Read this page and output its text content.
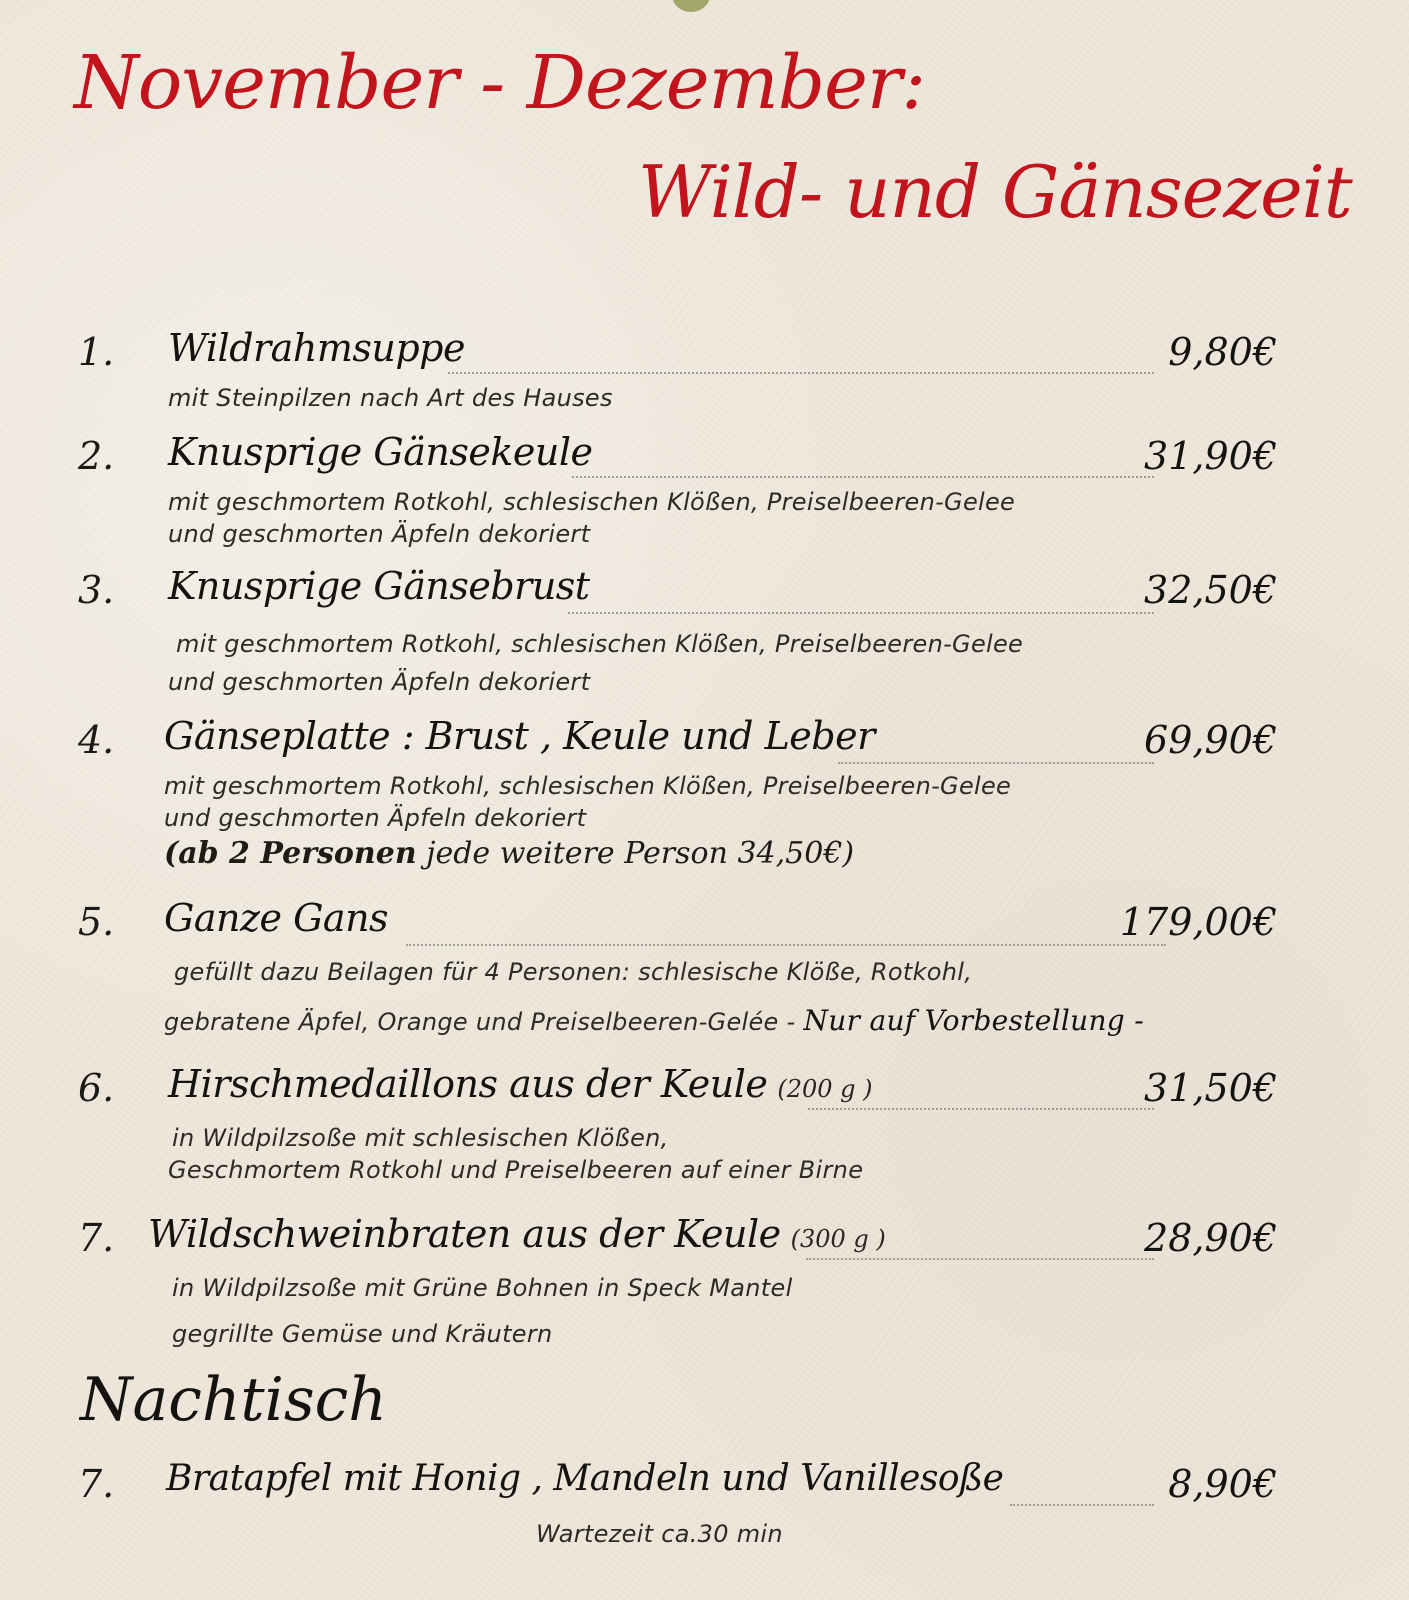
November - Dezember:
Wild- und Gänsezeit
1. Wildrahmsuppe	9,80€
mit Steinpilzen nach Art des Hauses
2. Knusprige Gänsekeule	31,90€
mit geschmortem Rotkohl, schlesischen Klößen, Preiselbeeren-Gelee
und geschmorten Äpfeln dekoriert
3. Knusprige Gänsebrust	32,50€
mit geschmortem Rotkohl, schlesischen Klößen, Preiselbeeren-Gelee
und geschmorten Äpfeln dekoriert
4. Gänseplatte : Brust , Keule und Leber	69,90€
mit geschmortem Rotkohl, schlesischen Klößen, Preiselbeeren-Gelee
und geschmorten Äpfeln dekoriert
(ab 2 Personen jede weitere Person 34,50€)
5. Ganze Gans	179,00€
gefüllt dazu Beilagen für 4 Personen: schlesische Klöße, Rotkohl,
gebratene Äpfel, Orange und Preiselbeeren-Gelée - Nur auf Vorbestellung -
6. Hirschmedaillons aus der Keule (200 g )	31,50€
in Wildpilzsoße mit schlesischen Klößen,
Geschmortem Rotkohl und Preiselbeeren auf einer Birne
7. Wildschweinbraten aus der Keule (300 g )	28,90€
in Wildpilzsoße mit Grüne Bohnen in Speck Mantel
gegrillte Gemüse und Kräutern
Nachtisch
7. Bratapfel mit Honig , Mandeln und Vanillesoße	8,90€
Wartezeit ca.30 min
